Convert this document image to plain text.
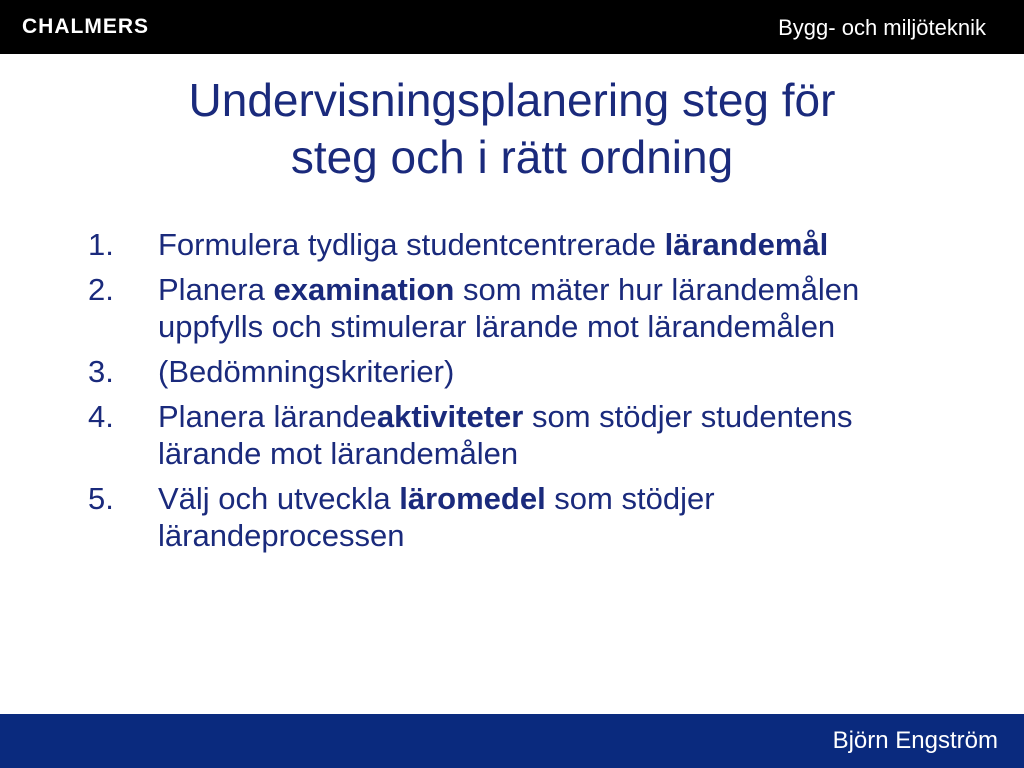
CHALMERS	Bygg- och miljöteknik
Undervisningsplanering steg för
steg och i rätt ordning
1. Formulera tydliga studentcentrerade lärandemål
2. Planera examination som mäter hur lärandemålen uppfylls och stimulerar lärande mot lärandemålen
3. (Bedömningskriterier)
4. Planera lärandeaktiviteter som stödjer studentens lärande mot lärandemålen
5. Välj och utveckla läromedel som stödjer lärandeprocessen
Björn Engström
